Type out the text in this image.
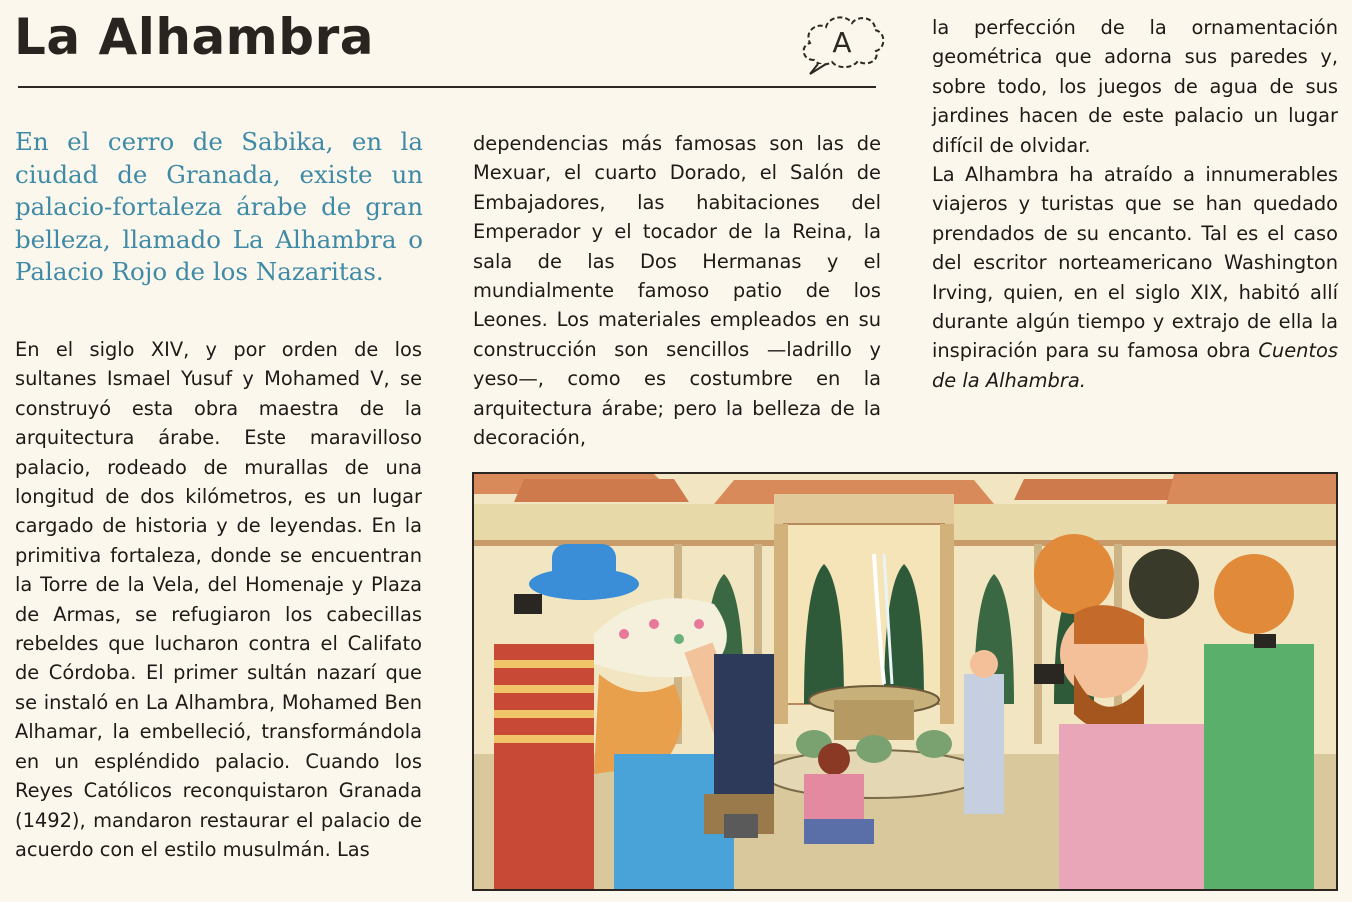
La Alhambra	A

En el cerro de Sabika, en la ciudad de Granada, existe un palacio-fortaleza árabe de gran belleza, llamado La Alhambra o Palacio Rojo de los Nazaritas.

En el siglo XIV, y por orden de los sultanes Ismael Yusuf y Mohamed V, se construyó esta obra maestra de la arquitectura árabe. Este maravilloso palacio, rodeado de murallas de una longitud de dos kilómetros, es un lugar cargado de historia y de leyendas. En la primitiva fortaleza, donde se encuentran la Torre de la Vela, del Homenaje y Plaza de Armas, se refugiaron los cabecillas rebeldes que lucharon contra el Califato de Córdoba. El primer sultán nazarí que se instaló en La Alhambra, Mohamed Ben Alhamar, la embelleció, transformándola en un espléndido palacio. Cuando los Reyes Católicos reconquistaron Granada (1492), mandaron restaurar el palacio de acuerdo con el estilo musulmán. Las

dependencias más famosas son las de Mexuar, el cuarto Dorado, el Salón de Embajadores, las habitaciones del Emperador y el tocador de la Reina, la sala de las Dos Hermanas y el mundialmente famoso patio de los Leones. Los materiales empleados en su construcción son sencillos —ladrillo y yeso—, como es costumbre en la arquitectura árabe; pero la belleza de la decoración,

la perfección de la ornamentación geométrica que adorna sus paredes y, sobre todo, los juegos de agua de sus jardines hacen de este palacio un lugar difícil de olvidar.

La Alhambra ha atraído a innumerables viajeros y turistas que se han quedado prendados de su encanto. Tal es el caso del escritor norteamericano Washington Irving, quien, en el siglo XIX, habitó allí durante algún tiempo y extrajo de ella la inspiración para su famosa obra Cuentos de la Alhambra.
